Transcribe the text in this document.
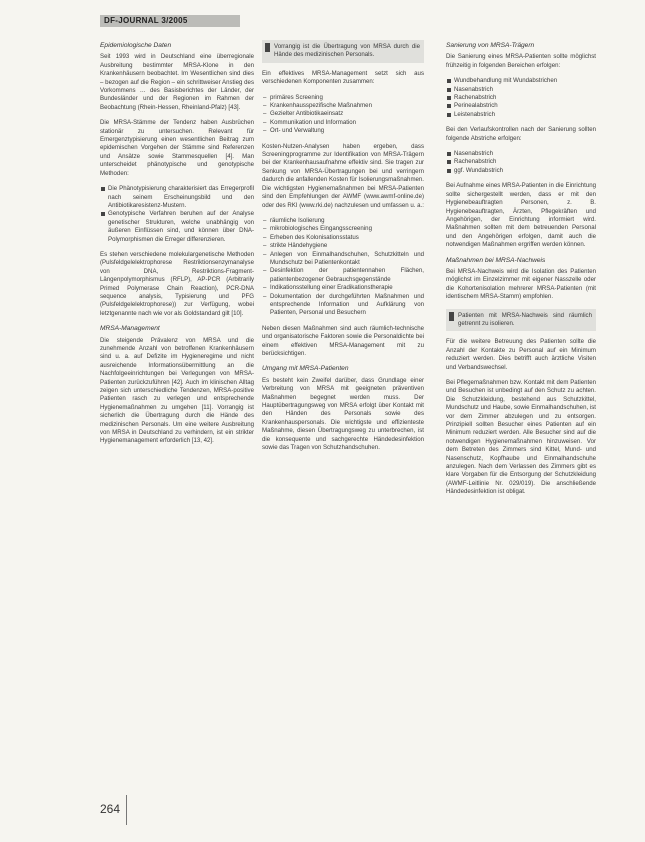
DF-JOURNAL 3/2005
Epidemiologische Daten

Seit 1993 wird in Deutschland eine überregionale Ausbreitung bestimmter MRSA-Klone in den Krankenhäusern beobachtet. Im Wesentlichen sind dies – bezogen auf die Region – ein schrittweiser Anstieg des Vorkommens … des Basisberichtes der Länder, der Bundesländer und der Regionen im Rahmen der Beobachtung (Rhein-Hessen, Rheinland-Pfalz) [43].

Die MRSA-Stämme der Tendenz haben Ausbrüchen stationär zu untersuchen. Relevant für Emergenztypisierung einen wesentlichen Beitrag zum epidemischen Vorgehen der Stämme sind Referenzen und Ansätze sowie Stammesquellen [4]. Man unterscheidet phänotypische und genotypische Methoden:

Die Phänotypisierung charakterisiert das Erregerprofil nach seinem Erscheinungsbild und den Antibiotikaresistenz-Mustern.
Genotypische Verfahren beruhen auf der Analyse genetischer Strukturen, welche unabhängig von äußeren Einflüssen sind, und können über DNA-Polymorphismen die Erreger differenzieren.

Es stehen verschiedene molekulargenetische Methoden (Pulsfeldgelelektrophorese Restriktionsenzymanalyse von DNA, Restriktions-Fragment-Längenpolymorphismus (RFLP), AP-PCR (Arbitrarily Primed Polymerase Chain Reaction), PCR-DNA sequence analysis, Typisierung und PFG (Pulsfeldgelelektrophorese)) zur Verfügung, wobei letztgenannte nach wie vor als Goldstandard gilt [10].

MRSA-Management

Die steigende Prävalenz von MRSA und die zunehmende Anzahl von betroffenen Krankenhäusern sind u. a. auf Defizite im Hygieneregime und nicht ausreichende Informationsübermittlung an die Nachfolgeeinrichtungen bei Verlegungen von MRSA-Patienten zurückzuführen [42]. Auch im klinischen Alltag zeigen sich unterschiedliche Tendenzen, MRSA-positive Patienten rasch zu verlegen und entsprechende Hygienemaßnahmen zu umgehen [11]. Vorrangig ist sicherlich die Übertragung durch die Hände des medizinischen Personals. Um eine weitere Ausbreitung von MRSA in Deutschland zu verhindern, ist ein strikter Hygienemanagement erforderlich [13, 42].

Vorrangig ist die Übertragung von MRSA durch die Hände des medizinischen Personals.

Ein effektives MRSA-Management setzt sich aus verschiedenen Komponenten zusammen:

– primäres Screening
– Krankenhausspezifische Maßnahmen
– Gezielter Antibiotikaeinsatz
– Kommunikation und Information
– Ort- und Verwaltung

Kosten-Nutzen-Analysen haben ergeben, dass Screeningprogramme zur Identifikation von MRSA-Trägern bei der Krankenhausaufnahme effektiv sind. Sie tragen zur Senkung von MRSA-Übertragungen bei und verringern dadurch die anfallenden Kosten für Isolierungsmaßnahmen. Die wichtigsten Hygienemaßnahmen bei MRSA-Patienten sind den Empfehlungen der AWMF (www.awmf-online.de) oder des RKI (www.rki.de) nachzulesen und umfassen u. a.:

– räumliche Isolierung
– mikrobiologisches Eingangsscreening
– Erheben des Kolonisationsstatus
– strikte Händehygiene
– Anlegen von Einmalhandschuhen, Schutzkitteln und Mundschutz bei Patientenkontakt
– Desinfektion der patientennahen Flächen, patientenbezogener Gebrauchsgegenstände
– Indikationsstellung einer Eradikationstherapie
– Dokumentation der durchgeführten Maßnahmen und entsprechende Information und Aufklärung von Patienten, Personal und Besuchern

Neben diesen Maßnahmen sind auch räumlich-technische und organisatorische Faktoren sowie die Personaldichte bei einem effektiven MRSA-Management mit zu berücksichtigen.

Umgang mit MRSA-Patienten

Es besteht kein Zweifel darüber, dass Grundlage einer Verbreitung von MRSA mit geeigneten präventiven Maßnahmen begegnet werden muss. Der Hauptübertragungsweg von MRSA erfolgt über Kontakt mit den Händen des Personals sowie des Krankenhauspersonals. Die wichtigste und effizienteste Maßnahme, diesen Übertragungsweg zu unterbrechen, ist die konsequente und sachgerechte Händedesinfektion sowie das Tragen von Schutzhandschuhen.

Sanierung von MRSA-Trägern

Die Sanierung eines MRSA-Patienten sollte möglichst frühzeitig in folgenden Bereichen erfolgen:

Wundbehandlung mit Wundabstrichen
Nasenabstrich
Rachenabstrich
Perinealabstrich
Leistenabstrich

Bei den Verlaufskontrollen nach der Sanierung sollten folgende Abstriche erfolgen:

Nasenabstrich
Rachenabstrich
ggf. Wundabstrich

Bei Aufnahme eines MRSA-Patienten in die Einrichtung sollte sichergestellt werden, dass er mit den Hygienebeauftragten Personen, z. B. Hygienebeauftragten, Ärzten, Pflegekräften und Angehörigen, der Einrichtung informiert wird. Maßnahmen sollten mit dem betreuenden Personal und den Angehörigen erfolgen, damit auch die notwendigen Maßnahmen ergriffen werden können.

Maßnahmen bei MRSA-Nachweis

Bei MRSA-Nachweis wird die Isolation des Patienten möglichst im Einzelzimmer mit eigener Nasszelle oder die Kohortenisolation mehrerer MRSA-Patienten (mit identischem MRSA-Stamm) empfohlen.

Patienten mit MRSA-Nachweis sind räumlich getrennt zu isolieren.

Für die weitere Betreuung des Patienten sollte die Anzahl der Kontakte zu Personal auf ein Minimum reduziert werden. Dies betrifft auch ärztliche Visiten und Verbandswechsel.

Bei Pflegemaßnahmen bzw. Kontakt mit dem Patienten und Besuchen ist unbedingt auf den Schutz zu achten. Die Schutzkleidung, bestehend aus Schutzkittel, Mundschutz und Haube, sowie Einmalhandschuhen, ist vor dem Zimmer abzulegen und zu entsorgen. Prinzipiell sollten Besucher eines Patienten auf ein Minimum reduziert werden. Alle Besucher sind auf die notwendigen Hygienemaßnahmen hinzuweisen. Vor dem Betreten des Zimmers sind Kittel, Mund- und Nasenschutz, Kopfhaube und Einmalhandschuhe anzulegen. Nach dem Verlassen des Zimmers gibt es klare Vorgaben für die Entsorgung der Schutzkleidung (AWMF-Leitlinie Nr. 029/019). Die anschließende Händedesinfektion ist obligat.

264
